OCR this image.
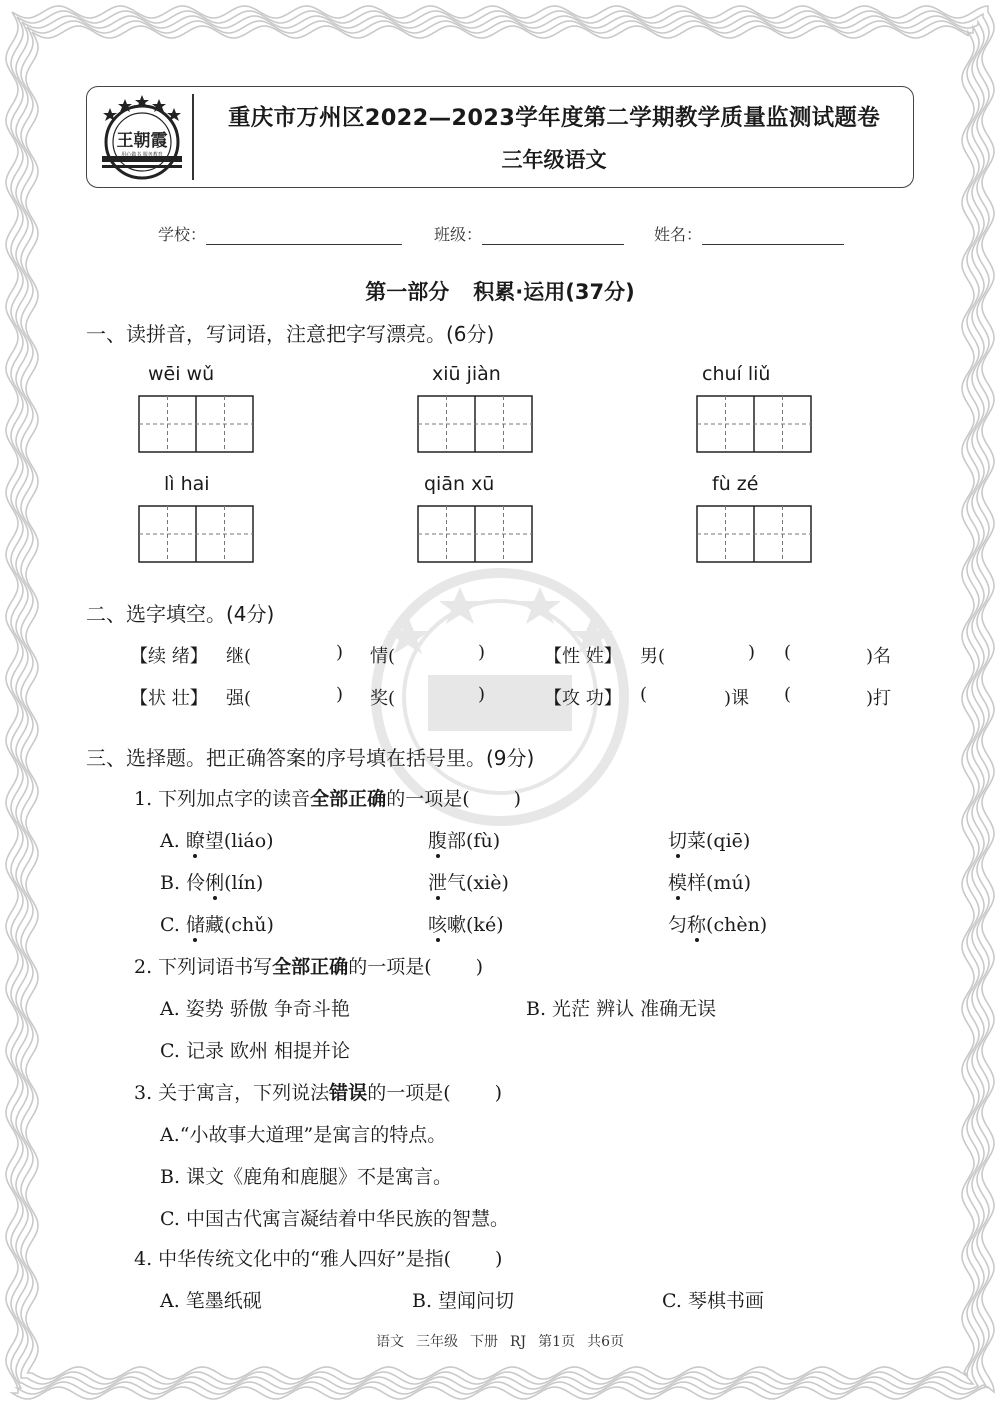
王朝霞
用心做书 服务教育
重庆市万州区2022—2023学年度第二学期教学质量监测试题卷
三年级语文
学校：	班级：	姓名：
第一部分 积累·运用(37分)
一、读拼音，写词语，注意把字写漂亮。(6分)
wēi wǔ	xiū jiàn	chuí liǔ
lì hai	qiān xū	fù zé
二、选字填空。(4分)
【续 绪】 继(	) 情(	)	【性 姓】 男(	) (	)名
【状 壮】 强(	) 奖(	)	【攻 功】 (	)课 (	)打
三、选择题。把正确答案的序号填在括号里。(9分)
1. 下列加点字的读音全部正确的一项是( )
A. 瞭望(liáo)	腹部(fù)	切菜(qiē)
B. 伶俐(lín)	泄气(xiè)	模样(mú)
C. 储藏(chǔ)	咳嗽(ké)	匀称(chèn)
2. 下列词语书写全部正确的一项是( )
A. 姿势 骄傲 争奇斗艳	B. 光茫 辨认 准确无误
C. 记录 欧州 相提并论
3. 关于寓言，下列说法错误的一项是( )
A.“小故事大道理”是寓言的特点。
B. 课文《鹿角和鹿腿》不是寓言。
C. 中国古代寓言凝结着中华民族的智慧。
4. 中华传统文化中的“雅人四好”是指( )
A. 笔墨纸砚	B. 望闻问切	C. 琴棋书画
语文 三年级 下册 RJ 第1页 共6页
